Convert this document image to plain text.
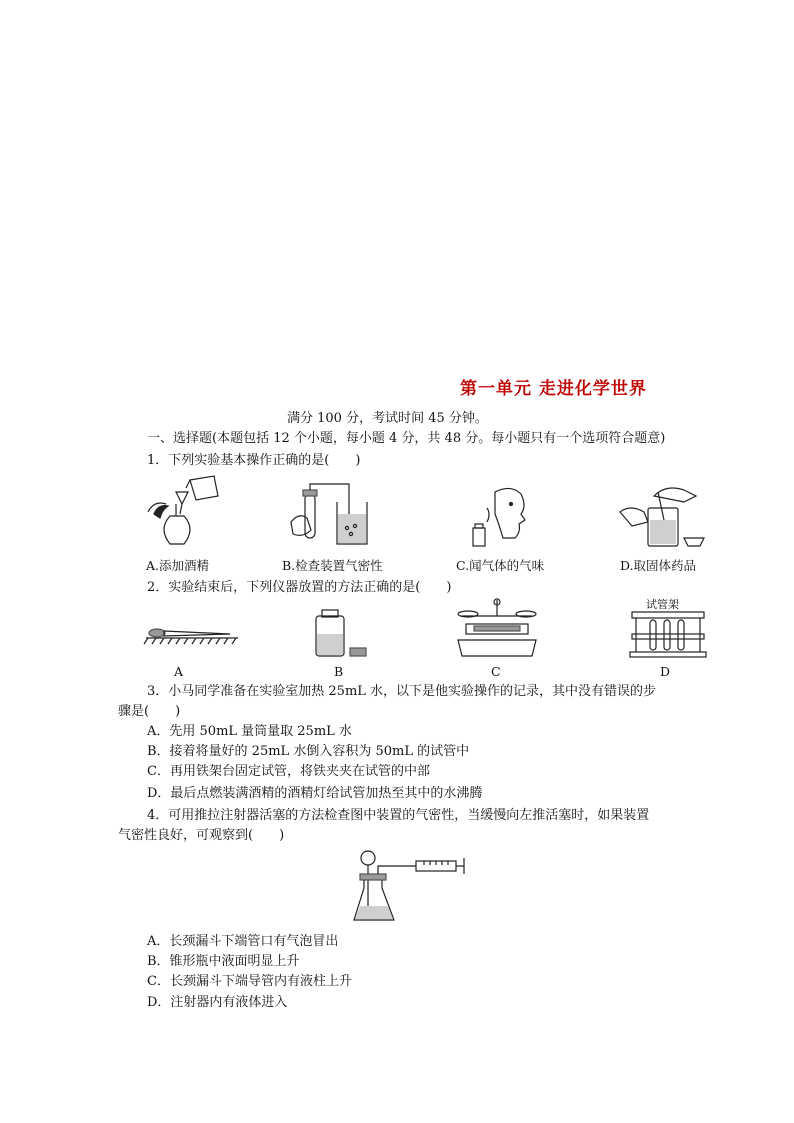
第一单元 走进化学世界
满分 100 分，考试时间 45 分钟。
一、选择题(本题包括 12 个小题，每小题 4 分，共 48 分。每小题只有一个选项符合题意)
1．下列实验基本操作正确的是(　　)
A.添加酒精	B.检查装置气密性	C.闻气体的气味	D.取固体药品
2．实验结束后，下列仪器放置的方法正确的是(　　)
A	B	C
试管架
D
3．小马同学准备在实验室加热 25mL 水，以下是他实验操作的记录，其中没有错误的步
骤是(　　)
A．先用 50mL 量筒量取 25mL 水
B．接着将量好的 25mL 水倒入容积为 50mL 的试管中
C．再用铁架台固定试管，将铁夹夹在试管的中部
D．最后点燃装满酒精的酒精灯给试管加热至其中的水沸腾
4．可用推拉注射器活塞的方法检查图中装置的气密性，当缓慢向左推活塞时，如果装置
气密性良好，可观察到(　　)
A．长颈漏斗下端管口有气泡冒出
B．锥形瓶中液面明显上升
C．长颈漏斗下端导管内有液柱上升
D．注射器内有液体进入
